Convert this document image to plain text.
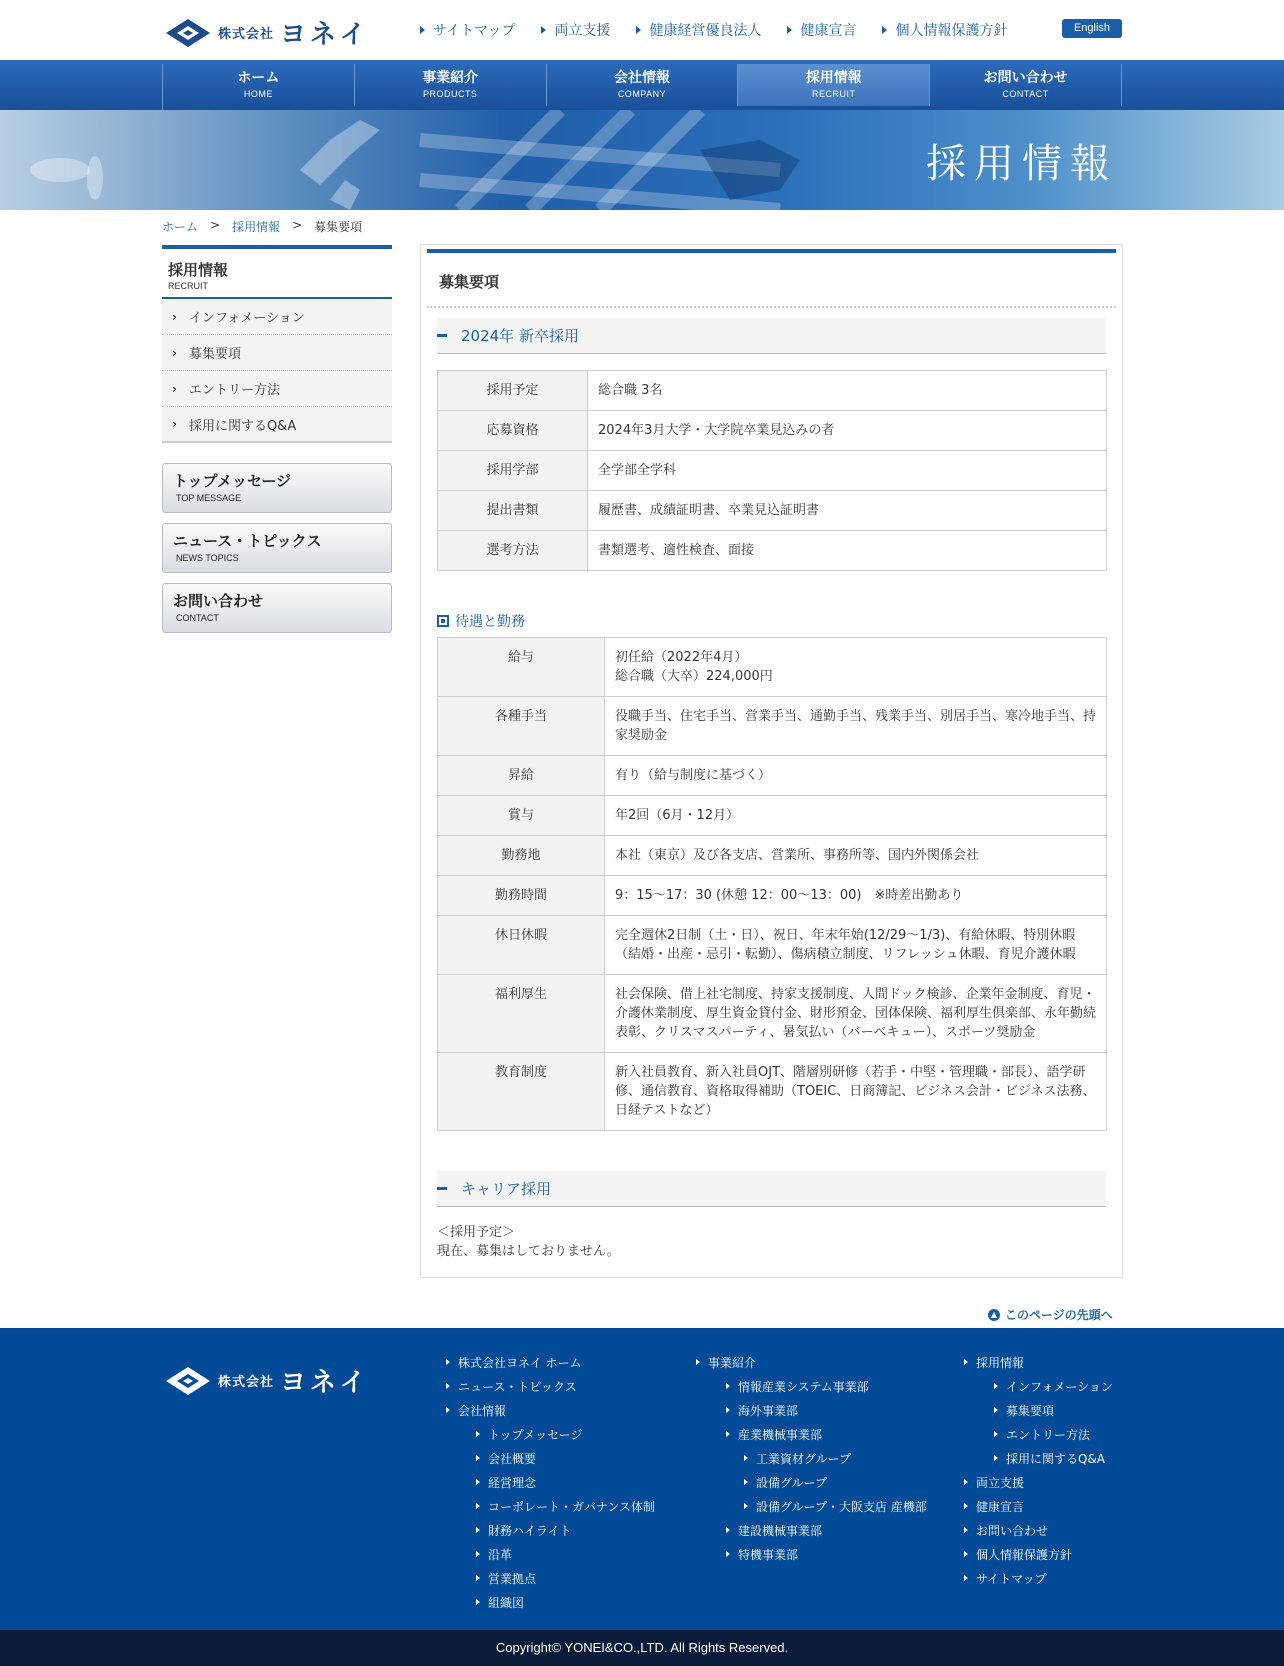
株式会社 ヨネイ	サイトマップ	両立支援	健康経営優良法人	健康宣言	個人情報保護方針	English
ホーム
HOME
事業紹介
PRODUCTS
会社情報
COMPANY
採用情報
RECRUIT
お問い合わせ
CONTACT
採用情報
ホーム > 採用情報 > 募集要項
採用情報
RECRUIT
› インフォメーション
› 募集要項
› エントリー方法
› 採用に関するQ&A
トップメッセージ
TOP MESSAGE
ニュース・トピックス
NEWS TOPICS
お問い合わせ
CONTACT
募集要項
2024年 新卒採用
採用予定	総合職 3名
応募資格	2024年3月大学・大学院卒業見込みの者
採用学部	全学部全学科
提出書類	履歴書、成績証明書、卒業見込証明書
選考方法	書類選考、適性検査、面接
待遇と勤務
給与	初任給（2022年4月）
総合職（大卒）224,000円
各種手当	役職手当、住宅手当、営業手当、通勤手当、残業手当、別居手当、寒冷地手当、持家奨励金
昇給	有り（給与制度に基づく）
賞与	年2回（6月・12月）
勤務地	本社（東京）及び各支店、営業所、事務所等、国内外関係会社
勤務時間	9：15～17：30 (休憩 12：00～13：00)　※時差出勤あり
休日休暇	完全週休2日制（土・日）、祝日、年末年始(12/29～1/3)、有給休暇、特別休暇（結婚・出産・忌引・転勤）、傷病積立制度、リフレッシュ休暇、育児介護休暇
福利厚生	社会保険、借上社宅制度、持家支援制度、人間ドック検診、企業年金制度、育児・介護休業制度、厚生資金貸付金、財形預金、団体保険、福利厚生倶楽部、永年勤続表彰、クリスマスパーティ、暑気払い（バーベキュー）、スポーツ奨励金
教育制度	新入社員教育、新入社員OJT、階層別研修（若手・中堅・管理職・部長）、語学研修、通信教育、資格取得補助（TOEIC、日商簿記、ビジネス会計・ビジネス法務、日経テストなど）
キャリア採用
＜採用予定＞
現在、募集はしておりません。
▲ このページの先頭へ
株式会社 ヨネイ
株式会社ヨネイ ホーム
ニュース・トピックス
会社情報
トップメッセージ
会社概要
経営理念
コーポレート・ガバナンス体制
財務ハイライト
沿革
営業拠点
組織図
事業紹介
情報産業システム事業部
海外事業部
産業機械事業部
工業資材グループ
設備グループ
設備グループ・大阪支店 産機部
建設機械事業部
特機事業部
採用情報
インフォメーション
募集要項
エントリー方法
採用に関するQ&A
両立支援
健康宣言
お問い合わせ
個人情報保護方針
サイトマップ
Copyright© YONEI&CO.,LTD. All Rights Reserved.
